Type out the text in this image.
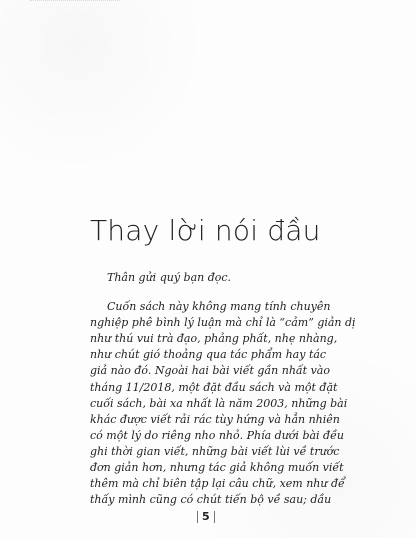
Thay lời nói đầu
Thân gửi quý bạn đọc.
Cuốn sách này không mang tính chuyên
nghiệp phê bình lý luận mà chỉ là “cảm” giản dị
như thú vui trà đạo, phảng phất, nhẹ nhàng,
như chút gió thoảng qua tác phẩm hay tác
giả nào đó. Ngoài hai bài viết gần nhất vào
tháng 11/2018, một đặt đầu sách và một đặt
cuối sách, bài xa nhất là năm 2003, những bài
khác được viết rải rác tùy hứng và hẳn nhiên
có một lý do riêng nho nhỏ. Phía dưới bài đều
ghi thời gian viết, những bài viết lùi về trước
đơn giản hơn, nhưng tác giả không muốn viết
thêm mà chỉ biên tập lại câu chữ, xem như để
thấy mình cũng có chút tiến bộ về sau; dầu
5
